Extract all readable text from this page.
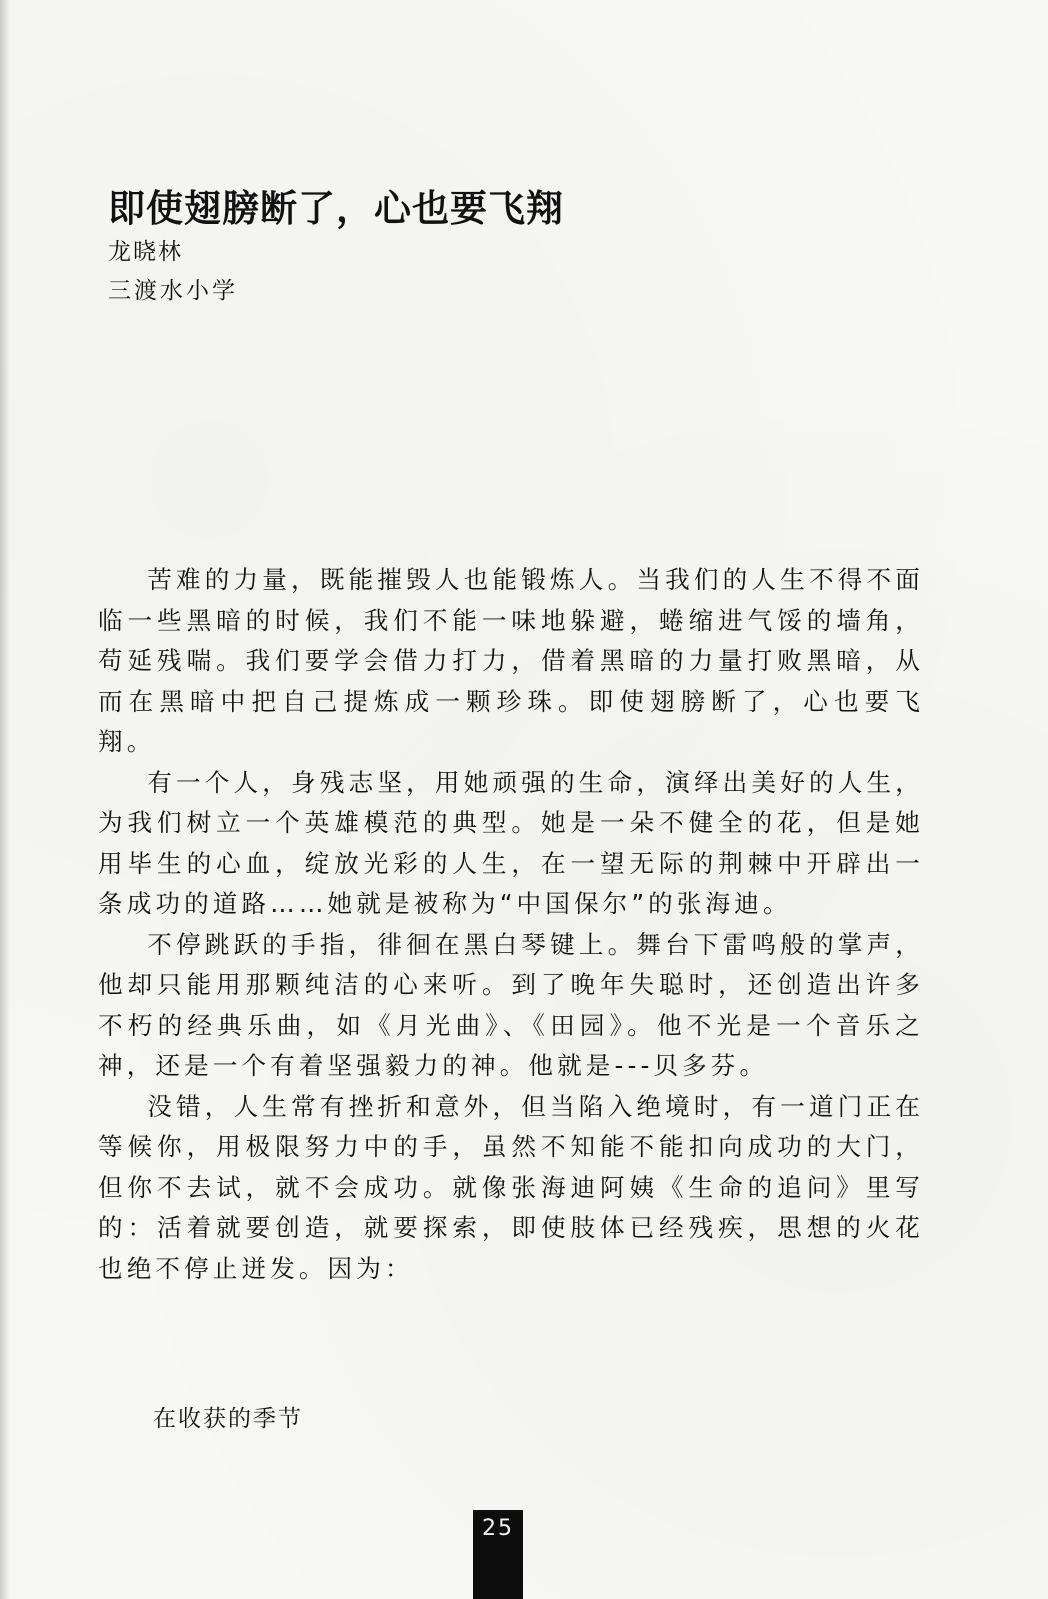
即使翅膀断了，心也要飞翔
龙晓林
三渡水小学

苦难的力量，既能摧毁人也能锻炼人。当我们的人生不得不面临一些黑暗的时候，我们不能一味地躲避，蜷缩进气馁的墙角，苟延残喘。我们要学会借力打力，借着黑暗的力量打败黑暗，从而在黑暗中把自己提炼成一颗珍珠。即使翅膀断了，心也要飞翔。

有一个人，身残志坚，用她顽强的生命，演绎出美好的人生，为我们树立一个英雄模范的典型。她是一朵不健全的花，但是她用毕生的心血，绽放光彩的人生，在一望无际的荆棘中开辟出一条成功的道路……她就是被称为“中国保尔”的张海迪。

不停跳跃的手指，徘徊在黑白琴键上。舞台下雷鸣般的掌声，他却只能用那颗纯洁的心来听。到了晚年失聪时，还创造出许多不朽的经典乐曲，如《月光曲》、《田园》。他不光是一个音乐之神，还是一个有着坚强毅力的神。他就是---贝多芬。

没错，人生常有挫折和意外，但当陷入绝境时，有一道门正在等候你，用极限努力中的手，虽然不知能不能扣向成功的大门，但你不去试，就不会成功。就像张海迪阿姨《生命的追问》里写的：活着就要创造，就要探索，即使肢体已经残疾，思想的火花也绝不停止迸发。因为：

在收获的季节
25
